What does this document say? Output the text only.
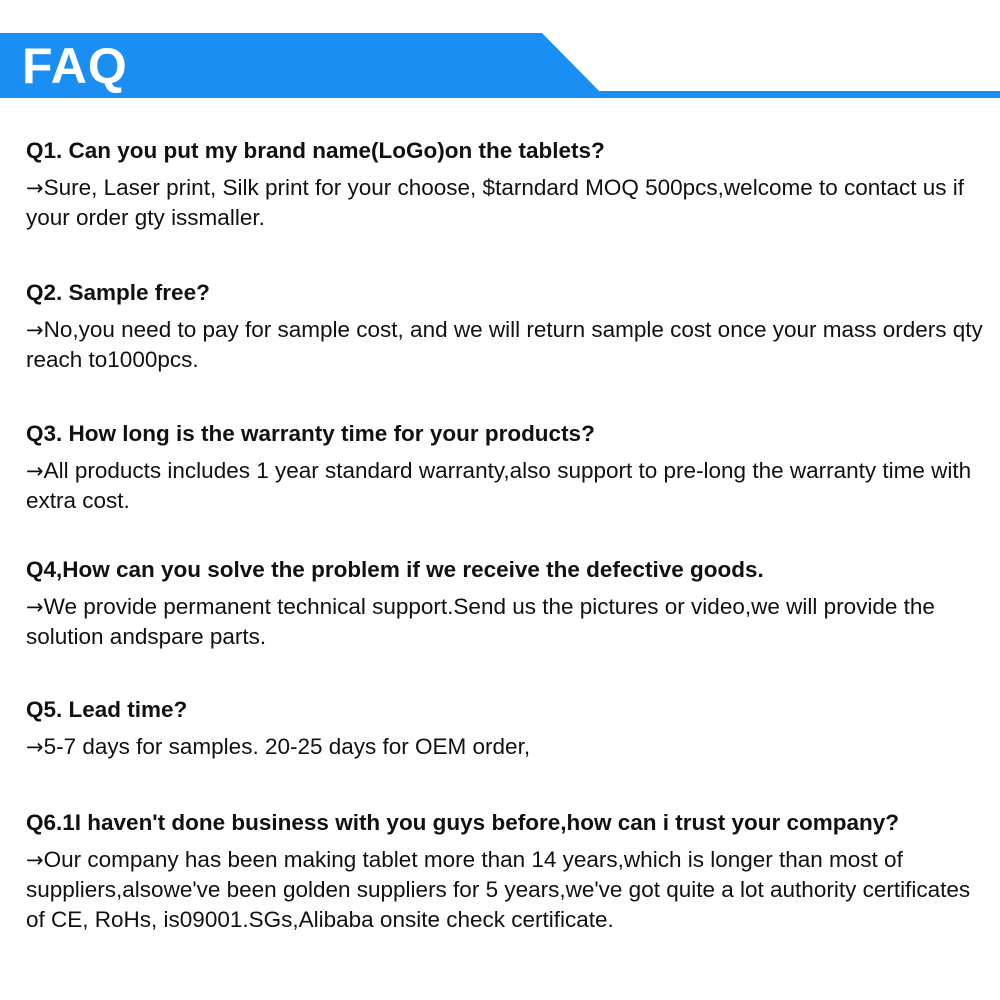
FAQ
Q1. Can you put my brand name(LoGo)on the tablets?
→Sure, Laser print, Silk print for your choose, $tarndard MOQ 500pcs,welcome to contact us if your order gty issmaller.
Q2. Sample free?
→No,you need to pay for sample cost, and we will return sample cost once your mass orders qty reach to1000pcs.
Q3. How long is the warranty time for your products?
→All products includes 1 year standard warranty,also support to pre-long the warranty time with extra cost.
Q4,How can you solve the problem if we receive the defective goods.
→We provide permanent technical support.Send us the pictures or video,we will provide the solution andspare parts.
Q5. Lead time?
→5-7 days for samples. 20-25 days for OEM order,
Q6.1I haven't done business with you guys before,how can i trust your company?
→Our company has been making tablet more than 14 years,which is longer than most of suppliers,alsowe've been golden suppliers for 5 years,we've got quite a lot authority certificates of CE, RoHs, is09001.SGs,Alibaba onsite check certificate.
